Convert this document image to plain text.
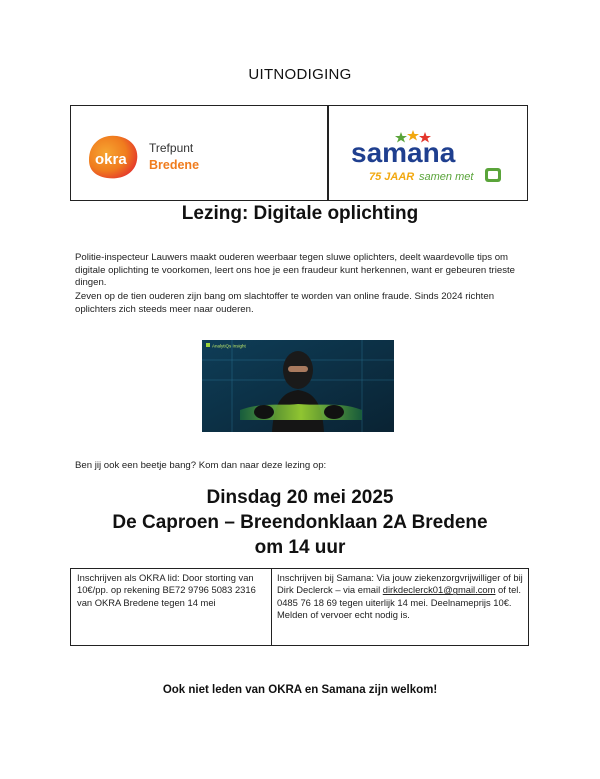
UITNODIGING
okra
Trefpunt
Bredene	samana
75 JAAR samen met
Lezing: Digitale oplichting
Politie-inspecteur Lauwers maakt ouderen weerbaar tegen sluwe oplichters, deelt waardevolle tips om digitale oplichting te voorkomen, leert ons hoe je een fraudeur kunt herkennen, want er gebeuren trieste dingen.
Zeven op de tien ouderen zijn bang om slachtoffer te worden van online fraude. Sinds 2024 richten oplichters zich steeds meer naar ouderen.
AnalytiQs Insight
Ben jij ook een beetje bang? Kom dan naar deze lezing op:
Dinsdag 20 mei 2025
De Caproen – Breendonklaan 2A Bredene
om 14 uur
Inschrijven als OKRA lid: Door storting van 10€/pp. op rekening BE72 9796 5083 2316 van OKRA Bredene tegen 14 mei
Inschrijven bij Samana: Via jouw ziekenzorgvrijwilliger of bij Dirk Declerck – via email dirkdeclerck01@gmail.com of tel. 0485 76 18 69 tegen uiterlijk 14 mei. Deelnameprijs 10€. Melden of vervoer echt nodig is.
Ook niet leden van OKRA en Samana zijn welkom!
